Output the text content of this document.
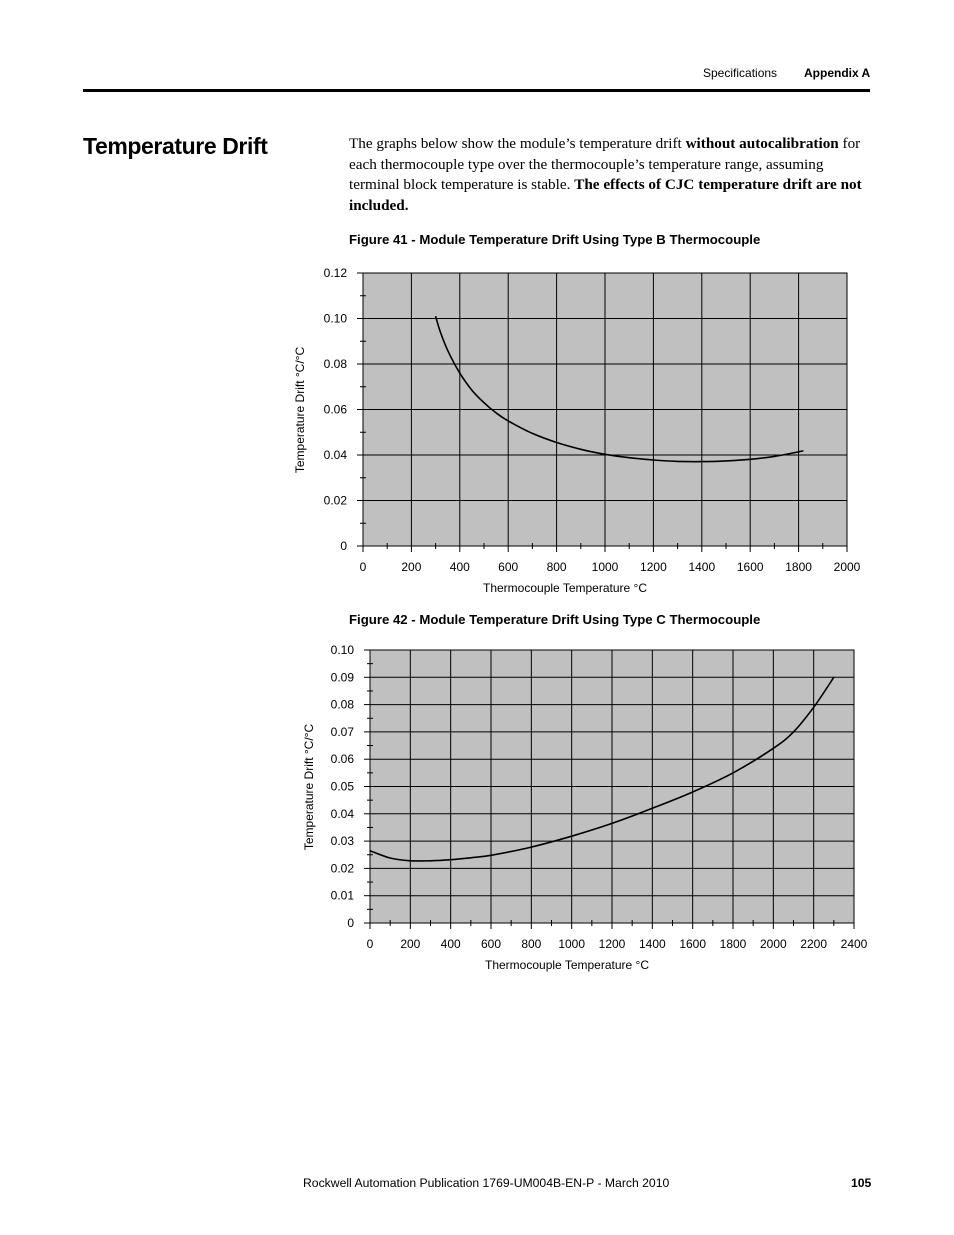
Specifications Appendix A
Temperature Drift	The graphs below show the module’s temperature drift without autocalibration for each thermocouple type over the thermocouple’s temperature range, assuming terminal block temperature is stable. The effects of CJC temperature drift are not included.

Figure 41 - Module Temperature Drift Using Type B Thermocouple
0	200 400 600 800 1000 1200 1400 1600 1800 2000
0
0.02
0.04
0.06
0.08
0.10
0.12
Thermocouple Temperature °C
Temperature Drift °C/°C
Figure 42 - Module Temperature Drift Using Type C Thermocouple
0 200 400 600 800 1000 1200 1400 1600 1800 2000 2200 2400
0
0.01
0.02
0.03
0.04
0.05
0.06
0.07
0.08
0.09
0.10
Thermocouple Temperature °C
Temperature Drift °C/°C
Rockwell Automation Publication 1769-UM004B-EN-P - March 2010	105
